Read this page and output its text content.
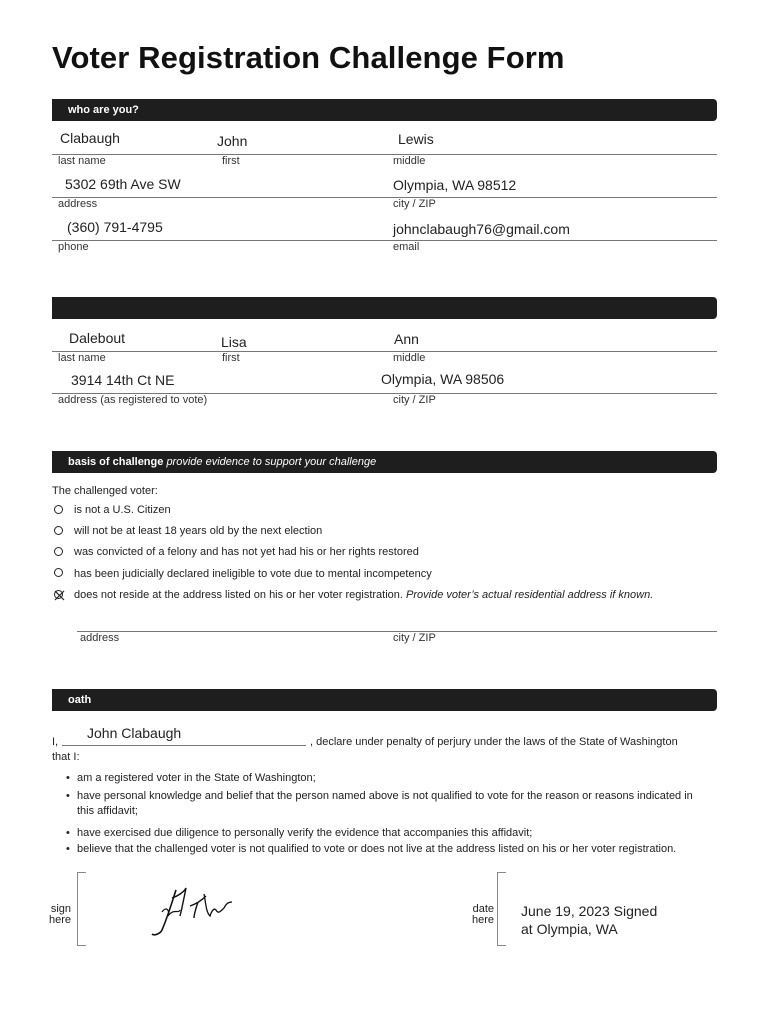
Voter Registration Challenge Form
who are you?
Clabaugh	John	Lewis
last name	first	middle
5302 69th Ave SW	Olympia, WA 98512
address	city / ZIP
(360) 791-4795	johnclabaugh76@gmail.com
phone	email
Dalebout	Lisa	Ann
last name	first	middle
3914 14th Ct NE	Olympia, WA 98506
address (as registered to vote)	city / ZIP
basis of challenge provide evidence to support your challenge
The challenged voter:
is not a U.S. Citizen
will not be at least 18 years old by the next election
was convicted of a felony and has not yet had his or her rights restored
has been judicially declared ineligible to vote due to mental incompetency
does not reside at the address listed on his or her voter registration. Provide voter’s actual residential address if known.
address	city / ZIP
oath
I,
John Clabaugh
, declare under penalty of perjury under the laws of the State of Washington
that I:
• am a registered voter in the State of Washington;
• have personal knowledge and belief that the person named above is not qualified to vote for the reason or reasons indicated in this affidavit;
• have exercised due diligence to personally verify the evidence that accompanies this affidavit;
• believe that the challenged voter is not qualified to vote or does not live at the address listed on his or her voter registration.
sign
here
date
here
June 19, 2023 Signed
at Olympia, WA
